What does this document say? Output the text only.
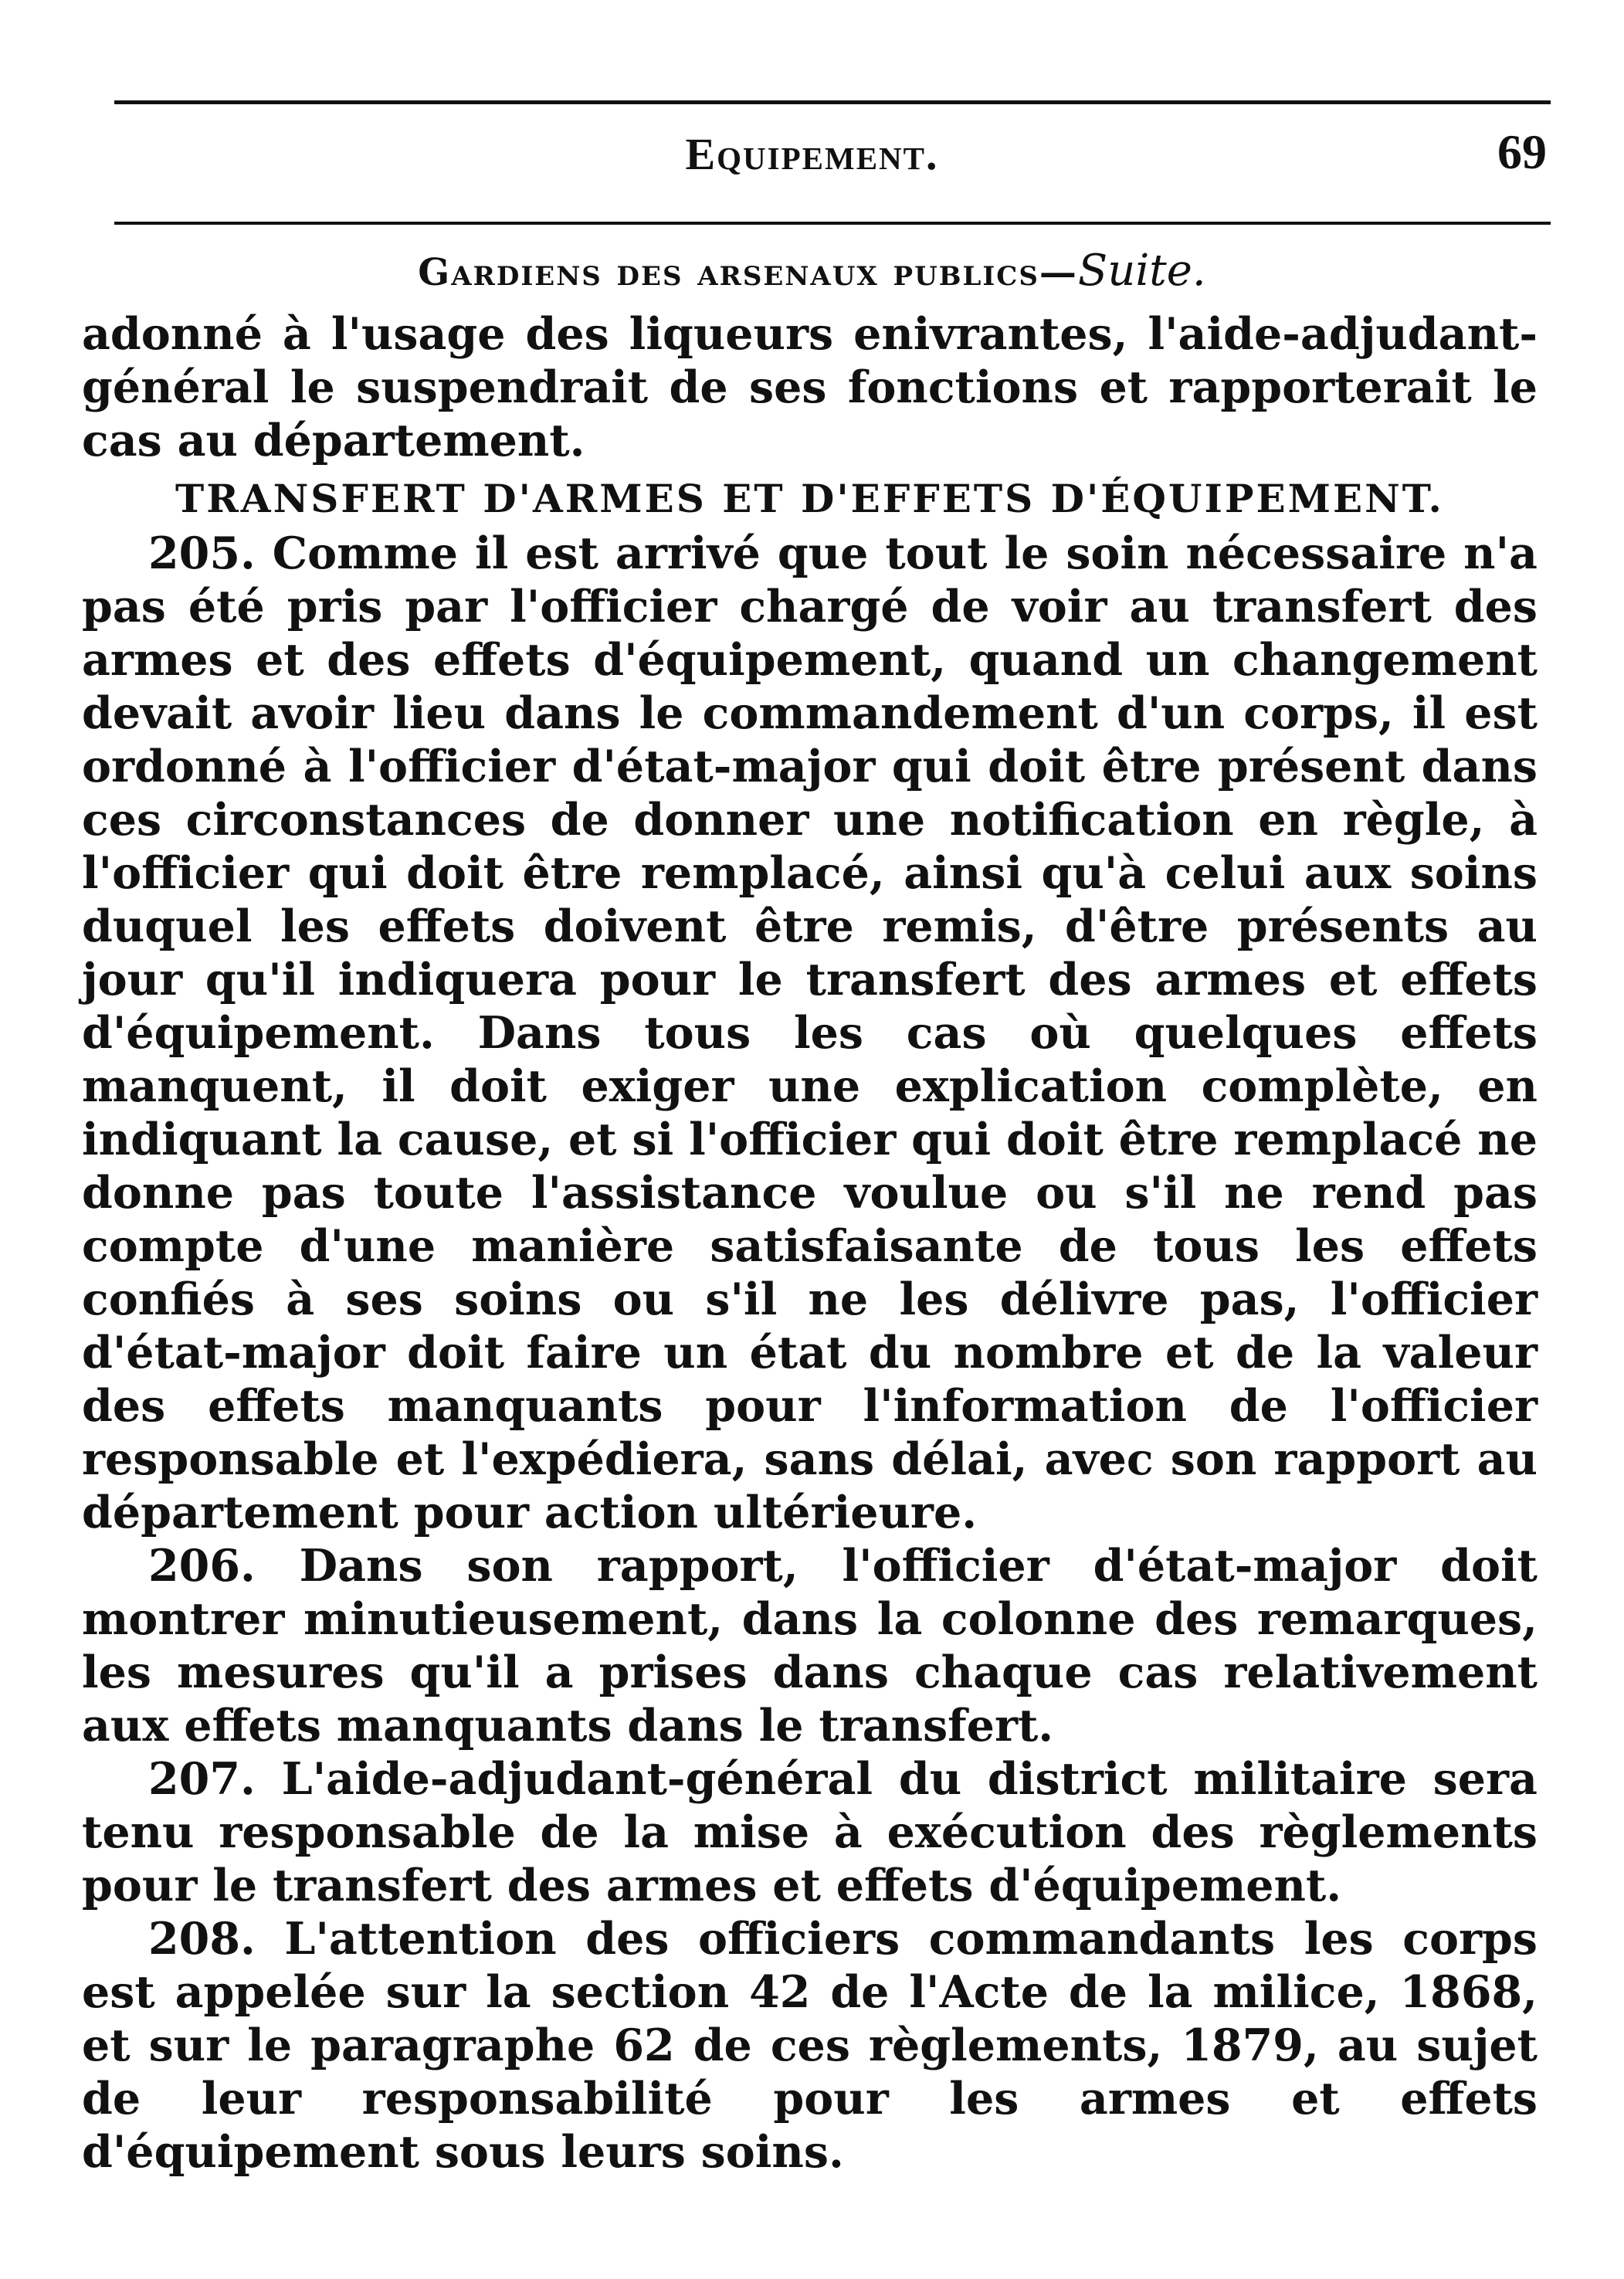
Equipement.	69
Gardiens des arsenaux publics—Suite.

adonné à l'usage des liqueurs enivrantes, l'aide-adjudant-général le suspendrait de ses fonctions et rapporterait le cas au département.

TRANSFERT D'ARMES ET D'EFFETS D'ÉQUIPEMENT.

205. Comme il est arrivé que tout le soin nécessaire n'a pas été pris par l'officier chargé de voir au transfert des armes et des effets d'équipement, quand un changement devait avoir lieu dans le commandement d'un corps, il est ordonné à l'officier d'état-major qui doit être présent dans ces circonstances de donner une notification en règle, à l'officier qui doit être remplacé, ainsi qu'à celui aux soins duquel les effets doivent être remis, d'être présents au jour qu'il indiquera pour le transfert des armes et effets d'équipement. Dans tous les cas où quelques effets manquent, il doit exiger une explication complète, en indiquant la cause, et si l'officier qui doit être remplacé ne donne pas toute l'assistance voulue ou s'il ne rend pas compte d'une manière satisfaisante de tous les effets confiés à ses soins ou s'il ne les délivre pas, l'officier d'état-major doit faire un état du nombre et de la valeur des effets manquants pour l'information de l'officier responsable et l'expédiera, sans délai, avec son rapport au département pour action ultérieure.

206. Dans son rapport, l'officier d'état-major doit montrer minutieusement, dans la colonne des remarques, les mesures qu'il a prises dans chaque cas relativement aux effets manquants dans le transfert.

207. L'aide-adjudant-général du district militaire sera tenu responsable de la mise à exécution des règlements pour le transfert des armes et effets d'équipement.

208. L'attention des officiers commandants les corps est appelée sur la section 42 de l'Acte de la milice, 1868, et sur le paragraphe 62 de ces règlements, 1879, au sujet de leur responsabilité pour les armes et effets d'équipement sous leurs soins.
